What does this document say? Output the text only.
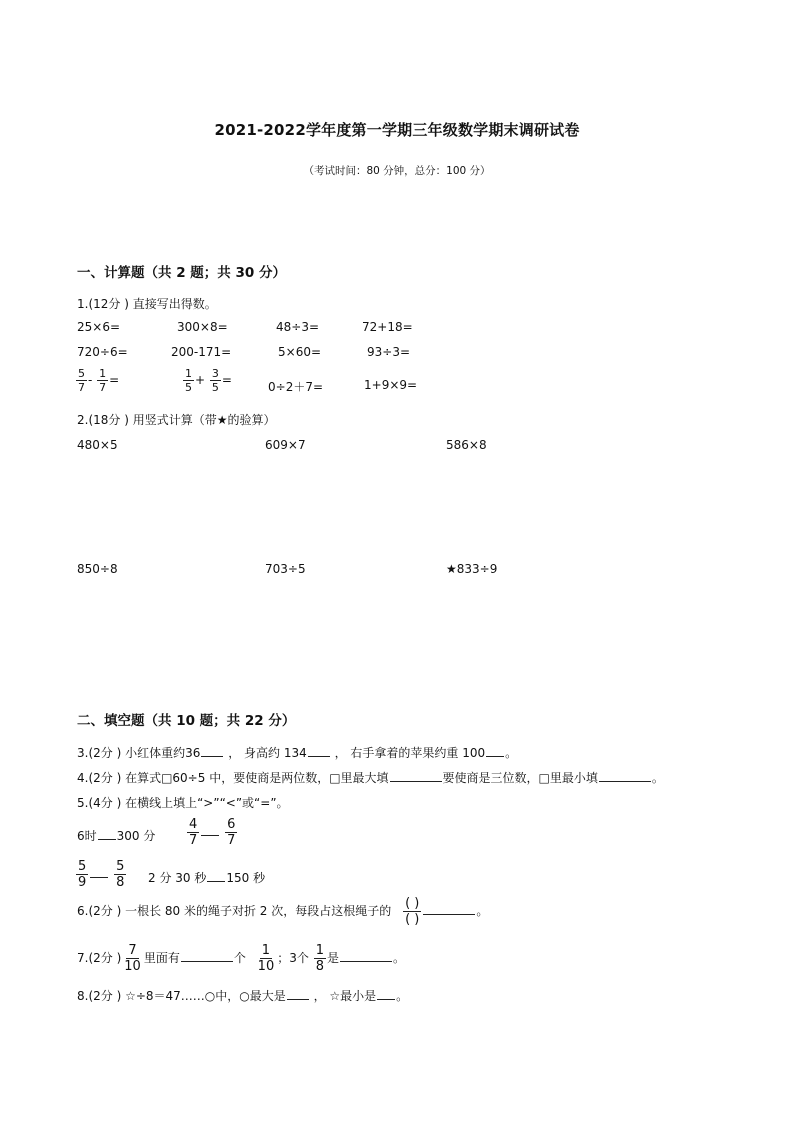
2021-2022学年度第一学期三年级数学期末调研试卷
（考试时间：80 分钟，总分：100 分）
一、计算题（共 2 题；共 30 分）
1.(12分 ) 直接写出得数。
25×6=	300×8=	48÷3=	72+18=
720÷6=	200-171=	5×60=	93÷3=
$\frac{5}{7} - \frac{1}{7}$ =	$\frac{1}{5} + \frac{3}{5}$ =	0÷2＋7=	1+9×9=
2.(18分 ) 用竖式计算（带★的验算）
480×5	609×7	586×8
850÷8	703÷5	★833÷9
二、填空题（共 10 题；共 22 分）
3.(2分 ) 小红体重约36 ， 身高约 134 ， 右手拿着的苹果约重 100 。
4.(2分 ) 在算式□60÷5 中，要使商是两位数，□里最大填	要使商是三位数，□里最小填	。
5.(4分 ) 在横线上填上“>”“<”或“=”。
6时 300 分 $\frac{4}{7}$
$\frac{6}{7}$
$\frac{5}{9}$
$\frac{5}{8} 2$ 分 30 秒 150 秒
6.(2分 ) 一根长 80 米的绳子对折 2 次，每段占这根绳子的 $\frac{( )}{( )}$	。
7.(2分 ) $\frac{7}{10}$ 里面有	个 $\frac{1}{10}$ ；3个 $\frac{1}{8}$ 是	。
8.(2分 ) ☆÷8＝47……○中，○最大是 ， ☆最小是 。
